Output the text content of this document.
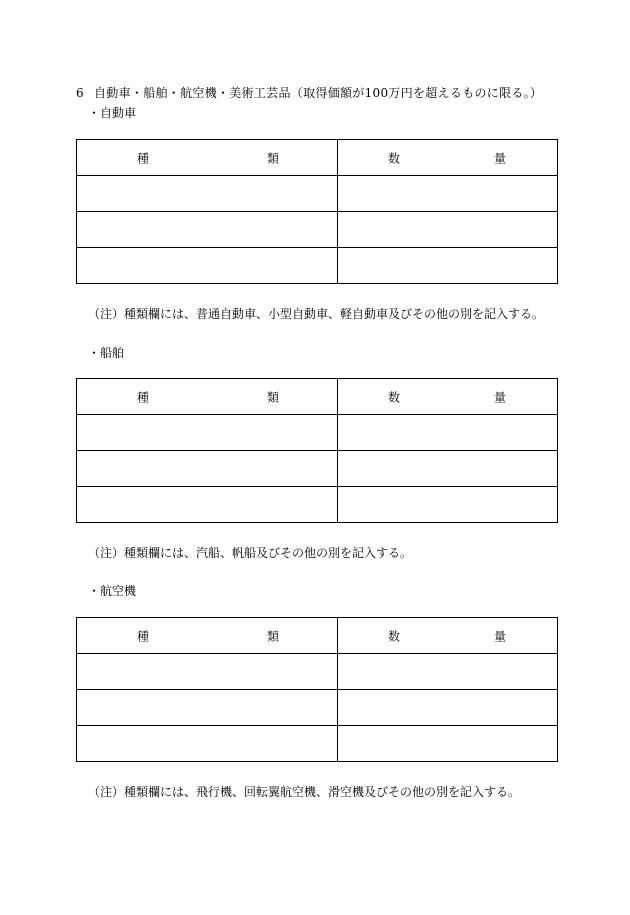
6 自動車・船舶・航空機・美術工芸品（取得価額が100万円を超えるものに限る。）
・自動車
種 類	数 量

（注）種類欄には、普通自動車、小型自動車、軽自動車及びその他の別を記入する。
・船舶
種 類	数 量

（注）種類欄には、汽船、帆船及びその他の別を記入する。
・航空機
種 類	数 量

（注）種類欄には、飛行機、回転翼航空機、滑空機及びその他の別を記入する。
